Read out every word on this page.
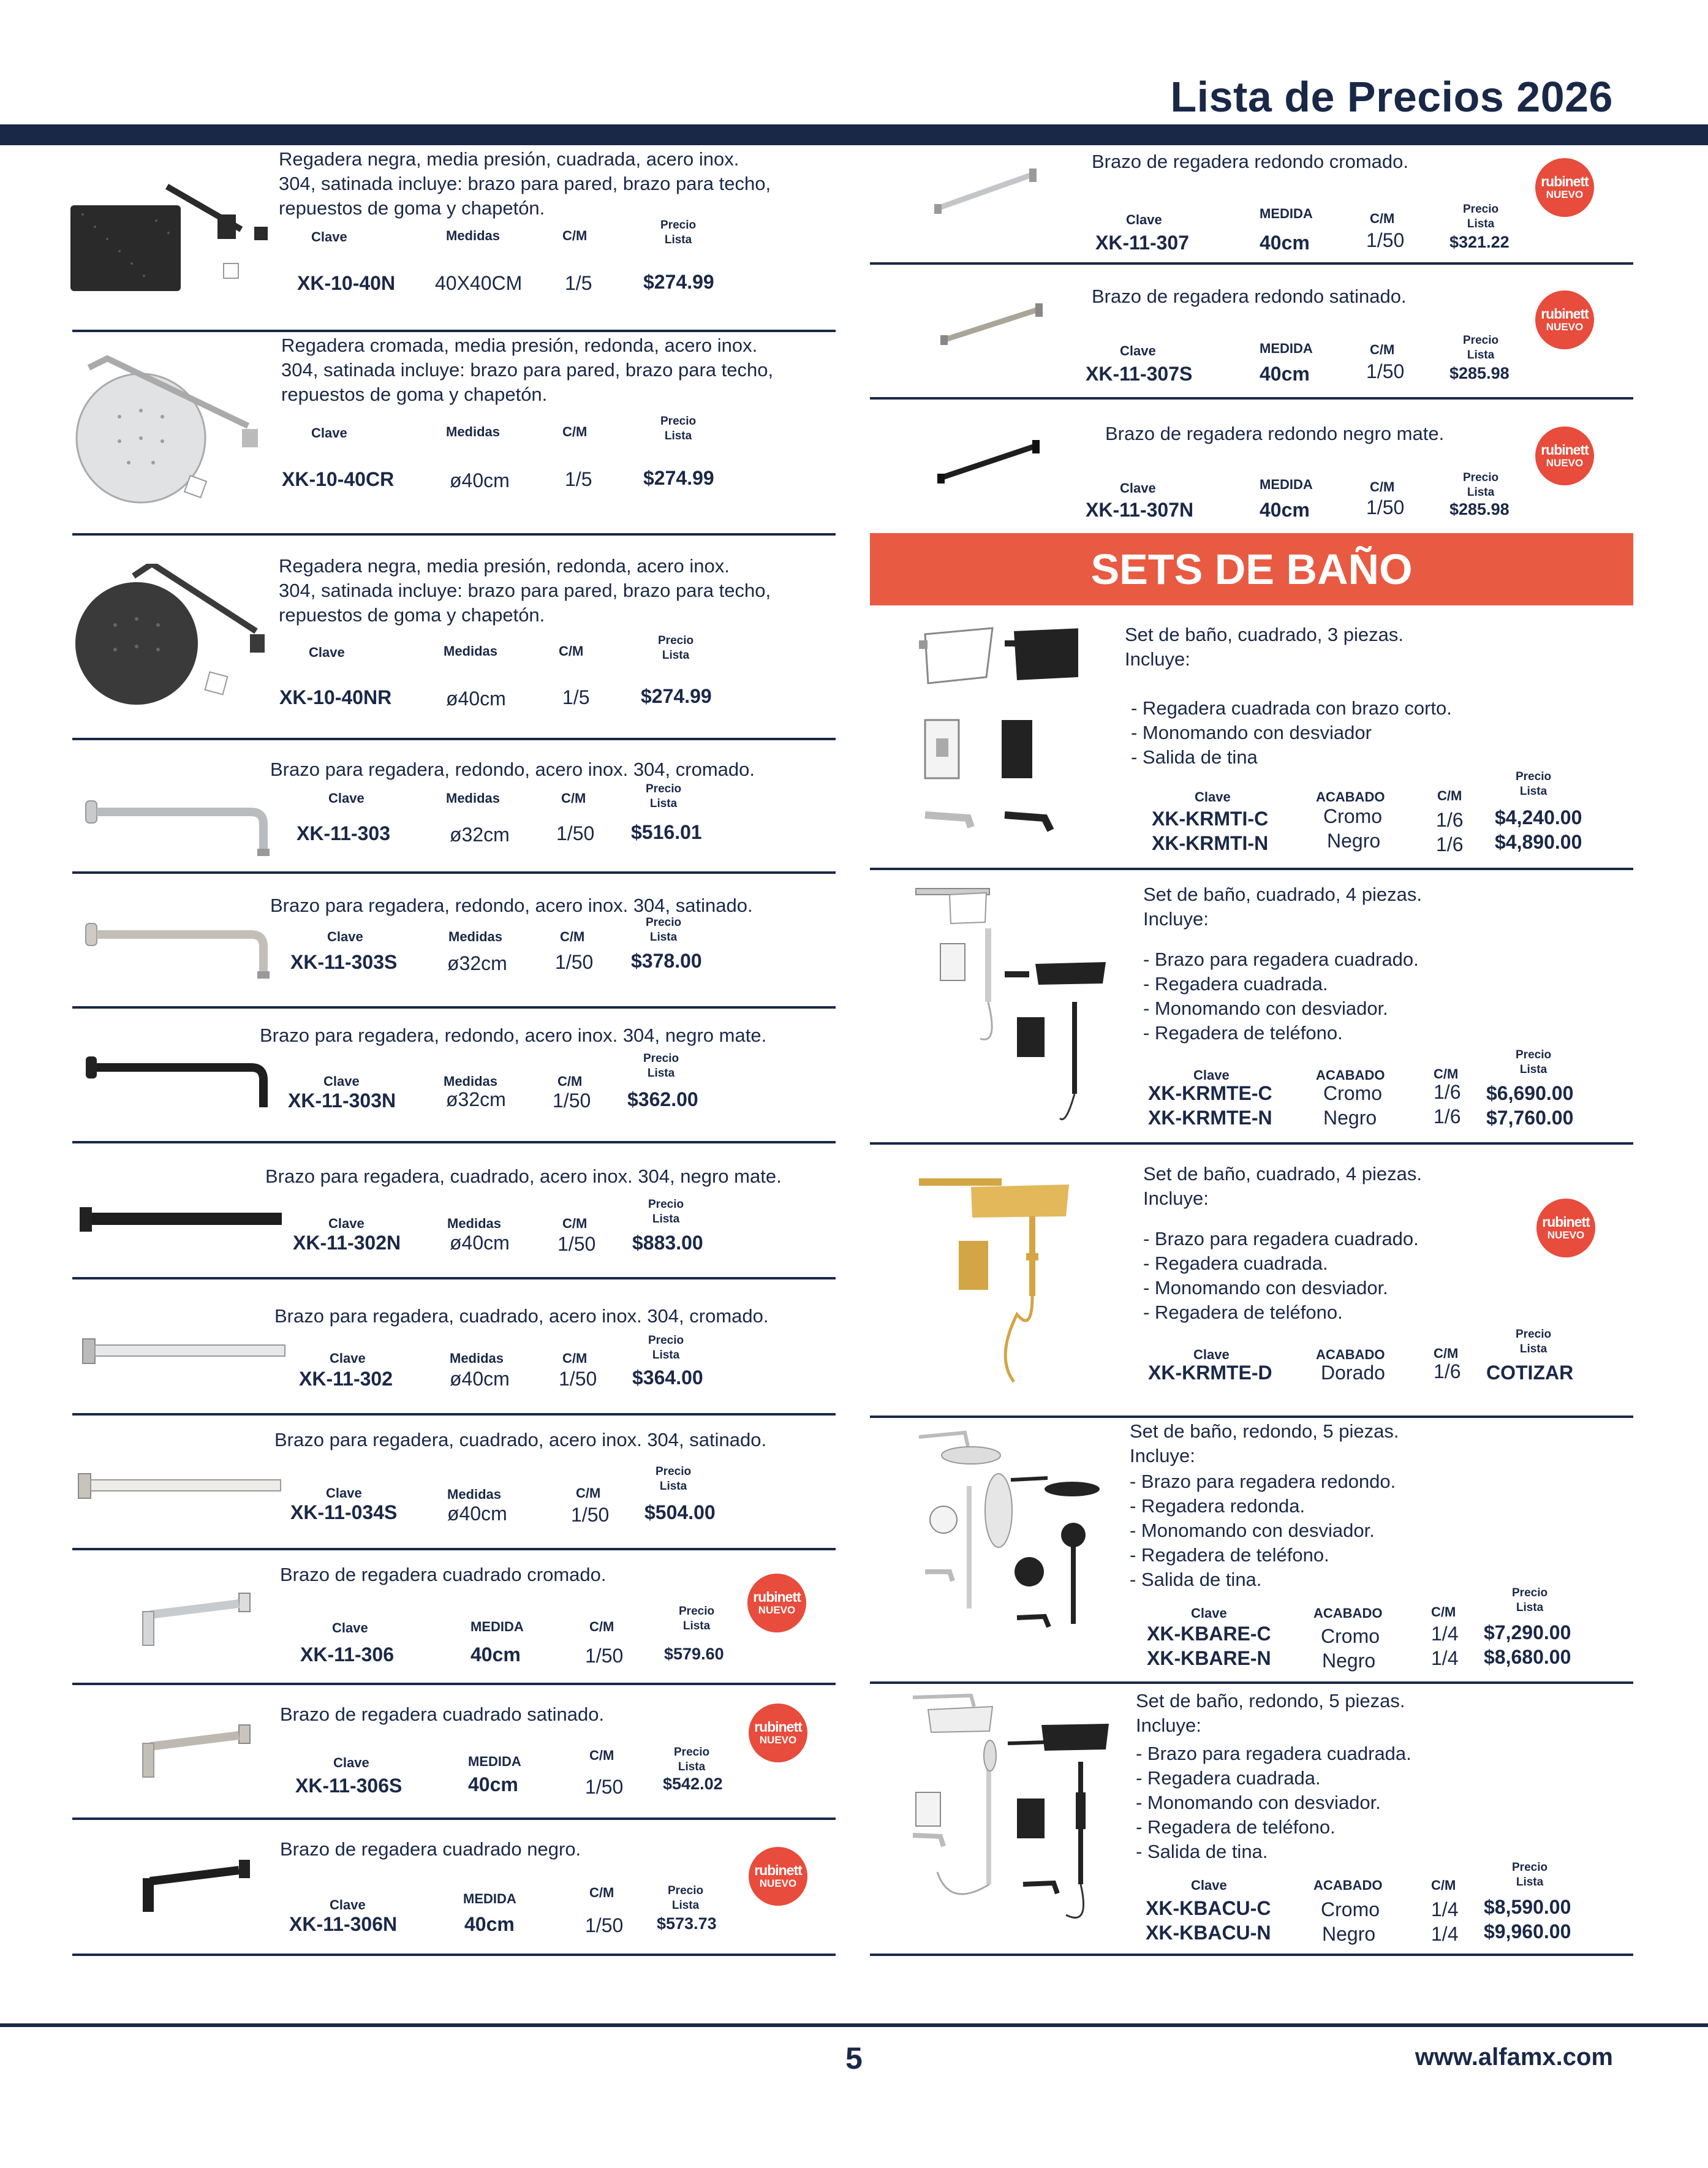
Lista de Precios 2026
5	www.alfamx.com
Regadera negra, media presión, cuadrada, acero inox.
304, satinada incluye: brazo para pared, brazo para techo,
repuestos de goma y chapetón.
Clave	Medidas	C/M
Precio
Lista
XK-10-40N 40X40CM 1/5	$274.99
Regadera cromada, media presión, redonda, acero inox.
304, satinada incluye: brazo para pared, brazo para techo,
repuestos de goma y chapetón.
Clave	Medidas	C/M
Precio
Lista
XK-10-40CR	ø40cm	1/5	$274.99
Regadera negra, media presión, redonda, acero inox.
304, satinada incluye: brazo para pared, brazo para techo,
repuestos de goma y chapetón.
Clave	Medidas	C/M
Precio
Lista
XK-10-40NR	ø40cm	1/5	$274.99
Brazo para regadera, redondo, acero inox. 304, cromado.
Clave	Medidas	C/M
Precio
Lista
XK-11-303	ø32cm 1/50 $516.01
Brazo para regadera, redondo, acero inox. 304, satinado.
Clave	Medidas	C/M
Precio
Lista
XK-11-303S	ø32cm 1/50 $378.00
Brazo para regadera, redondo, acero inox. 304, negro mate.
Clave	Medidas	C/M
Precio
Lista
XK-11-303N	ø32cm 1/50 $362.00
Brazo para regadera, cuadrado, acero inox. 304, negro mate.
Clave	Medidas	C/M
Precio
Lista
XK-11-302N ø40cm 1/50 $883.00
Brazo para regadera, cuadrado, acero inox. 304, cromado.
Clave	Medidas	C/M
Precio
Lista
XK-11-302	ø40cm	1/50 $364.00
Brazo para regadera, cuadrado, acero inox. 304, satinado.
Clave	Medidas	C/M
Precio
Lista
XK-11-034S	ø40cm	1/50 $504.00
Brazo de regadera cuadrado cromado.
Clave	MEDIDA	C/M
Precio
Lista
XK-11-306	40cm	1/50 $579.60
rubinett
NUEVO
Brazo de regadera cuadrado satinado.
Clave	MEDIDA	C/M	Precio
Lista
XK-11-306S	40cm	1/50 $542.02
rubinett
NUEVO
Brazo de regadera cuadrado negro.
Clave	MEDIDA	C/M	Precio
Lista
XK-11-306N	40cm	1/50 $573.73
rubinett
NUEVO
Brazo de regadera redondo cromado.
Clave	MEDIDA	C/M
Precio
Lista
XK-11-307	40cm	1/50	$321.22
rubinett
NUEVO
Brazo de regadera redondo satinado.
Clave	MEDIDA	C/M
Precio
Lista
XK-11-307S	40cm	1/50	$285.98
rubinett
NUEVO
Brazo de regadera redondo negro mate.
Clave	MEDIDA	C/M
Precio
Lista
XK-11-307N	40cm	1/50	$285.98
rubinett
NUEVO
SETS DE BAÑO
Set de baño, cuadrado, 3 piezas.
Incluye:
- Regadera cuadrada con brazo corto.
- Monomando con desviador
- Salida de tina
Clave	ACABADO	C/M
Precio
Lista
XK-KRMTI-C	Cromo	1/6 $4,240.00
XK-KRMTI-N	Negro	1/6 $4,890.00
Set de baño, cuadrado, 4 piezas.
Incluye:
- Brazo para regadera cuadrado.
- Regadera cuadrada.
- Monomando con desviador.
- Regadera de teléfono.
Clave	ACABADO	C/M
Precio
Lista
XK-KRMTE-C	Cromo	1/6 $6,690.00
XK-KRMTE-N	Negro	1/6 $7,760.00
Set de baño, cuadrado, 4 piezas.
Incluye:
- Brazo para regadera cuadrado.
- Regadera cuadrada.
- Monomando con desviador.
- Regadera de teléfono.
Clave	ACABADO	C/M
Precio
Lista
XK-KRMTE-D Dorado 1/6 COTIZAR
rubinett
NUEVO
Set de baño, redondo, 5 piezas.
Incluye:
- Brazo para regadera redondo.
- Regadera redonda.
- Monomando con desviador.
- Regadera de teléfono.
- Salida de tina.
Clave	ACABADO	C/M
Precio
Lista
XK-KBARE-C	Cromo	1/4 $7,290.00
XK-KBARE-N	Negro	1/4 $8,680.00
Set de baño, redondo, 5 piezas.
Incluye:
- Brazo para regadera cuadrada.
- Regadera cuadrada.
- Monomando con desviador.
- Regadera de teléfono.
- Salida de tina.
Clave	ACABADO	C/M
Precio
Lista
XK-KBACU-C	Cromo	1/4 $8,590.00
XK-KBACU-N	Negro	1/4 $9,960.00
